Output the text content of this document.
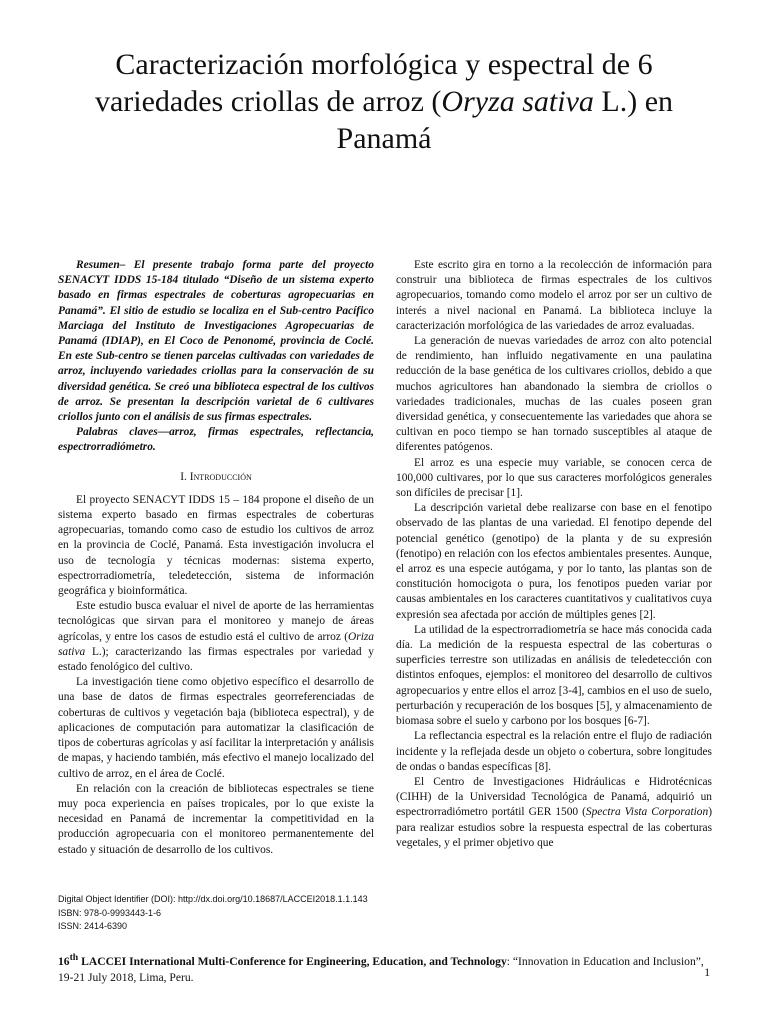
Caracterización morfológica y espectral de 6
variedades criollas de arroz (Oryza sativa L.) en
Panamá

Resumen– El presente trabajo forma parte del proyecto SENACYT IDDS 15-184 titulado “Diseño de un sistema experto basado en firmas espectrales de coberturas agropecuarias en Panamá”. El sitio de estudio se localiza en el Sub-centro Pacífico Marciaga del Instituto de Investigaciones Agropecuarias de Panamá (IDIAP), en El Coco de Penonomé, provincia de Coclé. En este Sub-centro se tienen parcelas cultivadas con variedades de arroz, incluyendo variedades criollas para la conservación de su diversidad genética. Se creó una biblioteca espectral de los cultivos de arroz. Se presentan la descripción varietal de 6 cultivares criollos junto con el análisis de sus firmas espectrales.

Palabras claves—arroz, firmas espectrales, reflectancia, espectrorradiómetro.

I. Introducción

El proyecto SENACYT IDDS 15 – 184 propone el diseño de un sistema experto basado en firmas espectrales de coberturas agropecuarias, tomando como caso de estudio los cultivos de arroz en la provincia de Coclé, Panamá. Esta investigación involucra el uso de tecnología y técnicas modernas: sistema experto, espectrorradiometría, teledetección, sistema de información geográfica y bioinformática.

Este estudio busca evaluar el nivel de aporte de las herramientas tecnológicas que sirvan para el monitoreo y manejo de áreas agrícolas, y entre los casos de estudio está el cultivo de arroz (Oriza sativa L.); caracterizando las firmas espectrales por variedad y estado fenológico del cultivo.

La investigación tiene como objetivo específico el desarrollo de una base de datos de firmas espectrales georreferenciadas de coberturas de cultivos y vegetación baja (biblioteca espectral), y de aplicaciones de computación para automatizar la clasificación de tipos de coberturas agrícolas y así facilitar la interpretación y análisis de mapas, y haciendo también, más efectivo el manejo localizado del cultivo de arroz, en el área de Coclé.

En relación con la creación de bibliotecas espectrales se tiene muy poca experiencia en países tropicales, por lo que existe la necesidad en Panamá de incrementar la competitividad en la producción agropecuaria con el monitoreo permanentemente del estado y situación de desarrollo de los cultivos.

Este escrito gira en torno a la recolección de información para construir una biblioteca de firmas espectrales de los cultivos agropecuarios, tomando como modelo el arroz por ser un cultivo de interés a nivel nacional en Panamá. La biblioteca incluye la caracterización morfológica de las variedades de arroz evaluadas.

La generación de nuevas variedades de arroz con alto potencial de rendimiento, han influido negativamente en una paulatina reducción de la base genética de los cultivares criollos, debido a que muchos agricultores han abandonado la siembra de criollos o variedades tradicionales, muchas de las cuales poseen gran diversidad genética, y consecuentemente las variedades que ahora se cultivan en poco tiempo se han tornado susceptibles al ataque de diferentes patógenos.

El arroz es una especie muy variable, se conocen cerca de 100,000 cultivares, por lo que sus caracteres morfológicos generales son difíciles de precisar [1].

La descripción varietal debe realizarse con base en el fenotipo observado de las plantas de una variedad. El fenotipo depende del potencial genético (genotipo) de la planta y de su expresión (fenotipo) en relación con los efectos ambientales presentes. Aunque, el arroz es una especie autógama, y por lo tanto, las plantas son de constitución homocigota o pura, los fenotipos pueden variar por causas ambientales en los caracteres cuantitativos y cualitativos cuya expresión sea afectada por acción de múltiples genes [2].

La utilidad de la espectrorradiometría se hace más conocida cada día. La medición de la respuesta espectral de las coberturas o superficies terrestre son utilizadas en análisis de teledetección con distintos enfoques, ejemplos: el monitoreo del desarrollo de cultivos agropecuarios y entre ellos el arroz [3-4], cambios en el uso de suelo, perturbación y recuperación de los bosques [5], y almacenamiento de biomasa sobre el suelo y carbono por los bosques [6-7].

La reflectancia espectral es la relación entre el flujo de radiación incidente y la reflejada desde un objeto o cobertura, sobre longitudes de ondas o bandas específicas [8].

El Centro de Investigaciones Hidráulicas e Hidrotécnicas (CIHH) de la Universidad Tecnológica de Panamá, adquirió un espectrorradiómetro portátil GER 1500 (Spectra Vista Corporation) para realizar estudios sobre la respuesta espectral de las coberturas vegetales, y el primer objetivo que

Digital Object Identifier (DOI): http://dx.doi.org/10.18687/LACCEI2018.1.1.143
ISBN: 978-0-9993443-1-6
ISSN: 2414-6390
16th LACCEI International Multi-Conference for Engineering, Education, and Technology: “Innovation in Education and Inclusion”, 19-21 July 2018, Lima, Peru.	1
